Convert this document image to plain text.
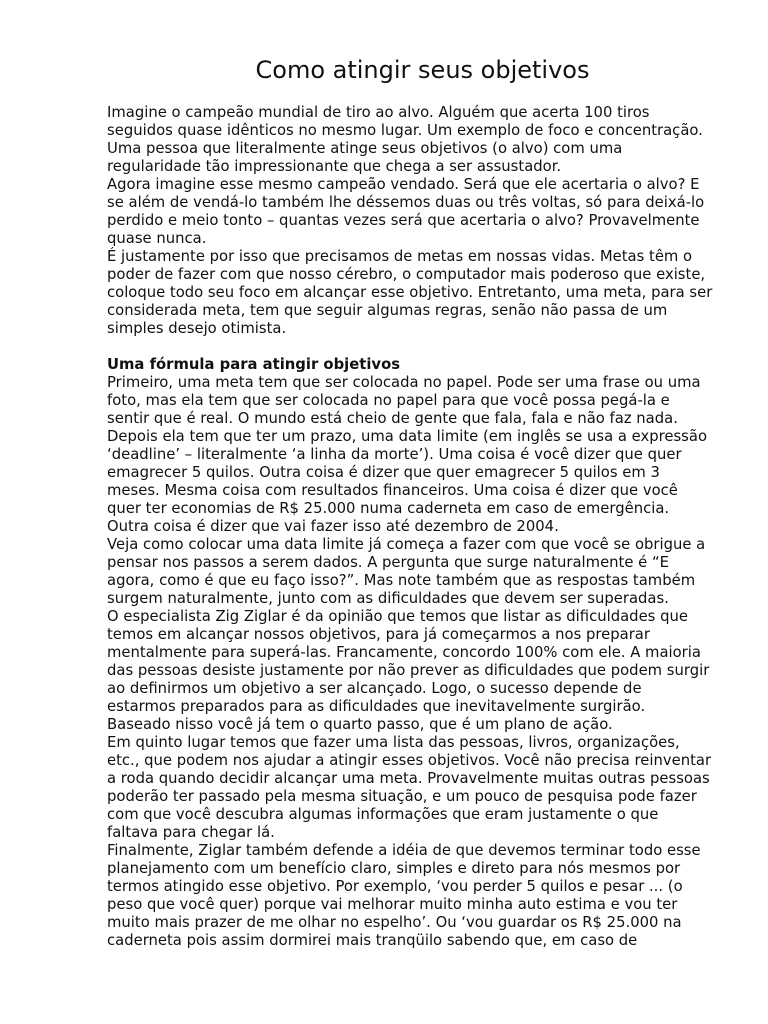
Como atingir seus objetivos

Imagine o campeão mundial de tiro ao alvo. Alguém que acerta 100 tiros seguidos quase idênticos no mesmo lugar. Um exemplo de foco e concentração. Uma pessoa que literalmente atinge seus objetivos (o alvo) com uma regularidade tão impressionante que chega a ser assustador.

Agora imagine esse mesmo campeão vendado. Será que ele acertaria o alvo? E se além de vendá-lo também lhe déssemos duas ou três voltas, só para deixá-lo perdido e meio tonto – quantas vezes será que acertaria o alvo? Provavelmente quase nunca.

É justamente por isso que precisamos de metas em nossas vidas. Metas têm o poder de fazer com que nosso cérebro, o computador mais poderoso que existe, coloque todo seu foco em alcançar esse objetivo. Entretanto, uma meta, para ser considerada meta, tem que seguir algumas regras, senão não passa de um simples desejo otimista.

Uma fórmula para atingir objetivos

Primeiro, uma meta tem que ser colocada no papel. Pode ser uma frase ou uma foto, mas ela tem que ser colocada no papel para que você possa pegá-la e sentir que é real. O mundo está cheio de gente que fala, fala e não faz nada.

Depois ela tem que ter um prazo, uma data limite (em inglês se usa a expressão ‘deadline’ – literalmente ‘a linha da morte’). Uma coisa é você dizer que quer emagrecer 5 quilos. Outra coisa é dizer que quer emagrecer 5 quilos em 3 meses. Mesma coisa com resultados financeiros. Uma coisa é dizer que você quer ter economias de R$ 25.000 numa caderneta em caso de emergência. Outra coisa é dizer que vai fazer isso até dezembro de 2004.

Veja como colocar uma data limite já começa a fazer com que você se obrigue a pensar nos passos a serem dados. A pergunta que surge naturalmente é “E agora, como é que eu faço isso?”. Mas note também que as respostas também surgem naturalmente, junto com as dificuldades que devem ser superadas.

O especialista Zig Ziglar é da opinião que temos que listar as dificuldades que temos em alcançar nossos objetivos, para já começarmos a nos preparar mentalmente para superá-las. Francamente, concordo 100% com ele. A maioria das pessoas desiste justamente por não prever as dificuldades que podem surgir ao definirmos um objetivo a ser alcançado. Logo, o sucesso depende de estarmos preparados para as dificuldades que inevitavelmente surgirão.

Baseado nisso você já tem o quarto passo, que é um plano de ação.

Em quinto lugar temos que fazer uma lista das pessoas, livros, organizações, etc., que podem nos ajudar a atingir esses objetivos. Você não precisa reinventar a roda quando decidir alcançar uma meta. Provavelmente muitas outras pessoas poderão ter passado pela mesma situação, e um pouco de pesquisa pode fazer com que você descubra algumas informações que eram justamente o que faltava para chegar lá.

Finalmente, Ziglar também defende a idéia de que devemos terminar todo esse planejamento com um benefício claro, simples e direto para nós mesmos por termos atingido esse objetivo. Por exemplo, ‘vou perder 5 quilos e pesar ... (o peso que você quer) porque vai melhorar muito minha auto estima e vou ter muito mais prazer de me olhar no espelho’. Ou ‘vou guardar os R$ 25.000 na caderneta pois assim dormirei mais tranqüilo sabendo que, em caso de
